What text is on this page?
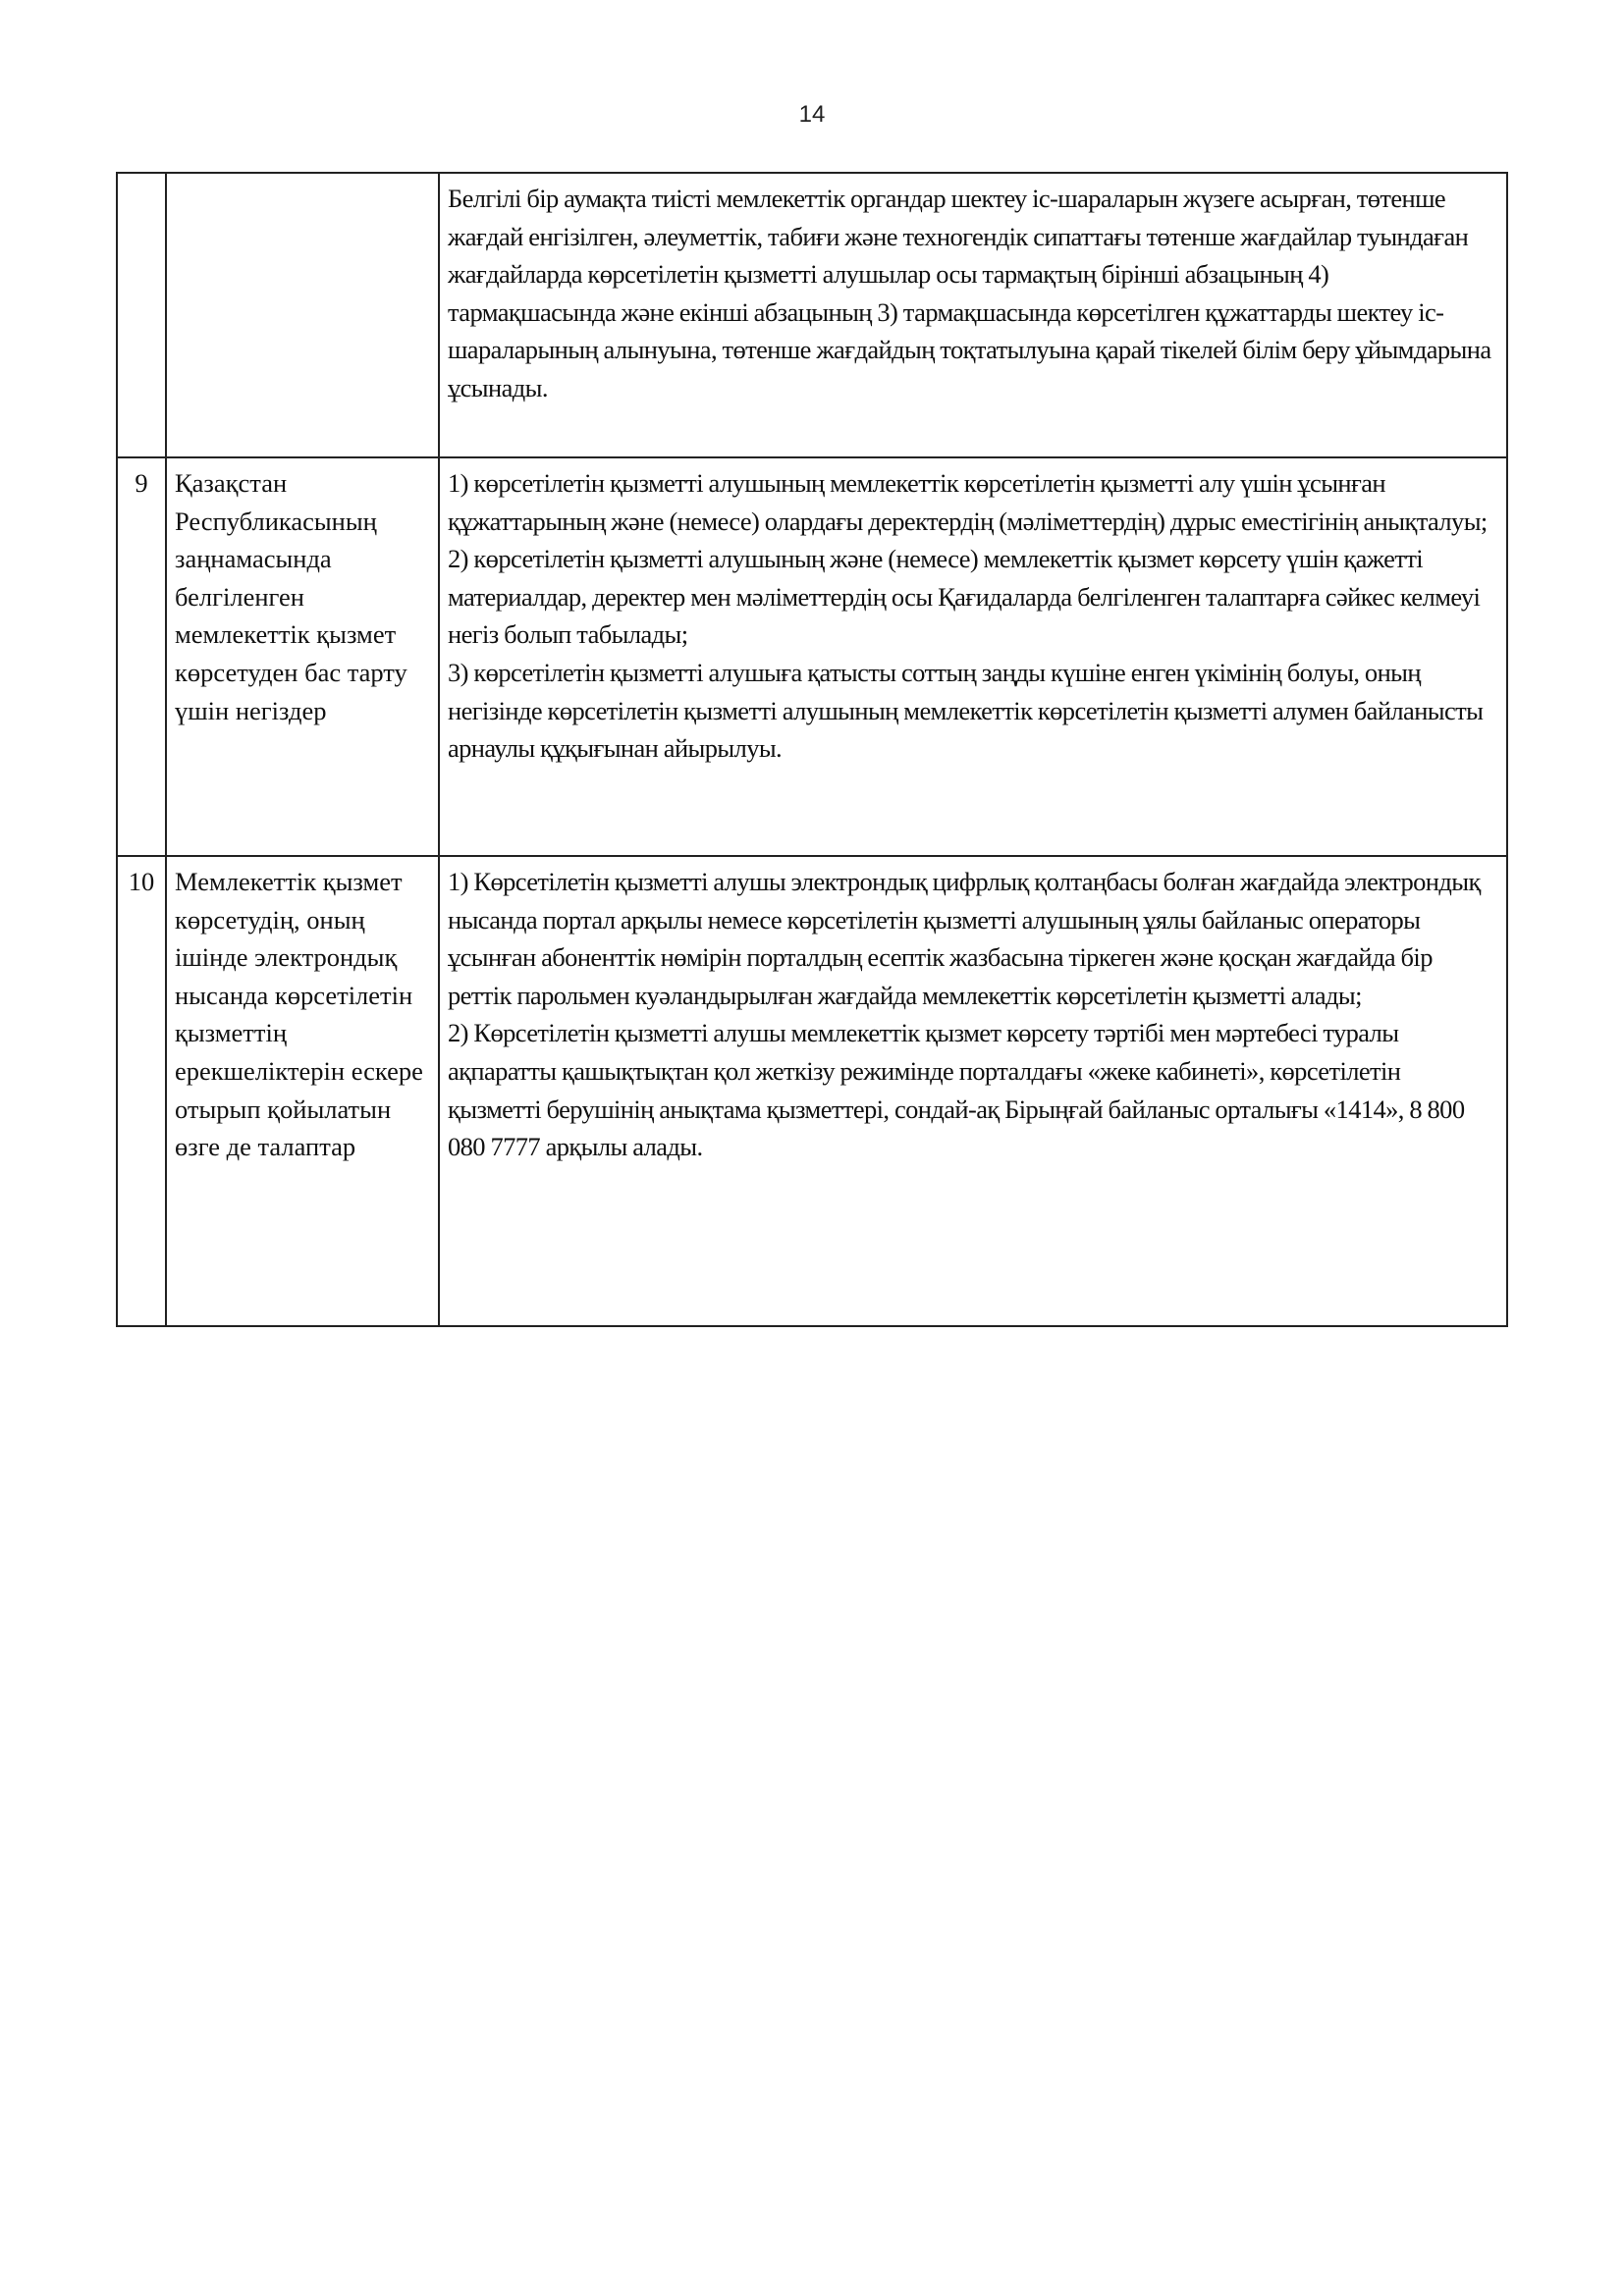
14

		Белгілі бір аумақта тиісті мемлекеттік органдар шектеу іс-шараларын жүзеге асырған, төтенше жағдай енгізілген, әлеуметтік, табиғи және техногендік сипаттағы төтенше жағдайлар туындаған жағдайларда көрсетілетін қызметті алушылар осы тармақтың бірінші абзацының 4) тармақшасында және екінші абзацының 3) тармақшасында көрсетілген құжаттарды шектеу іс-шараларының алынуына, төтенше жағдайдың тоқтатылуына қарай тікелей білім беру ұйымдарына ұсынады.

9	Қазақстан Республикасының заңнамасында белгіленген мемлекеттік қызмет көрсетуден бас тарту үшін негіздер	1) көрсетілетін қызметті алушының мемлекеттік көрсетілетін қызметті алу үшін ұсынған құжаттарының және (немесе) олардағы деректердің (мәліметтердің) дұрыс еместігінің анықталуы;
2) көрсетілетін қызметті алушының және (немесе) мемлекеттік қызмет көрсету үшін қажетті материалдар, деректер мен мәліметтердің осы Қағидаларда белгіленген талаптарға сәйкес келмеуі негіз болып табылады;
3) көрсетілетін қызметті алушыға қатысты соттың заңды күшіне енген үкімінің болуы, оның негізінде көрсетілетін қызметті алушының мемлекеттік көрсетілетін қызметті алумен байланысты арнаулы құқығынан айырылуы.

10	Мемлекеттік қызмет көрсетудің, оның ішінде электрондық нысанда көрсетілетін қызметтің ерекшеліктерін ескере отырып қойылатын өзге де талаптар	1) Көрсетілетін қызметті алушы электрондық цифрлық қолтаңбасы болған жағдайда электрондық нысанда портал арқылы немесе көрсетілетін қызметті алушының ұялы байланыс операторы ұсынған абоненттік нөмірін порталдың есептік жазбасына тіркеген және қосқан жағдайда бір реттік парольмен куәландырылған жағдайда мемлекеттік көрсетілетін қызметті алады;
2) Көрсетілетін қызметті алушы мемлекеттік қызмет көрсету тәртібі мен мәртебесі туралы ақпаратты қашықтықтан қол жеткізу режимінде порталдағы «жеке кабинеті», көрсетілетін қызметті берушінің анықтама қызметтері, сондай-ақ Бірыңғай байланыс орталығы «1414», 8 800 080 7777 арқылы алады.
